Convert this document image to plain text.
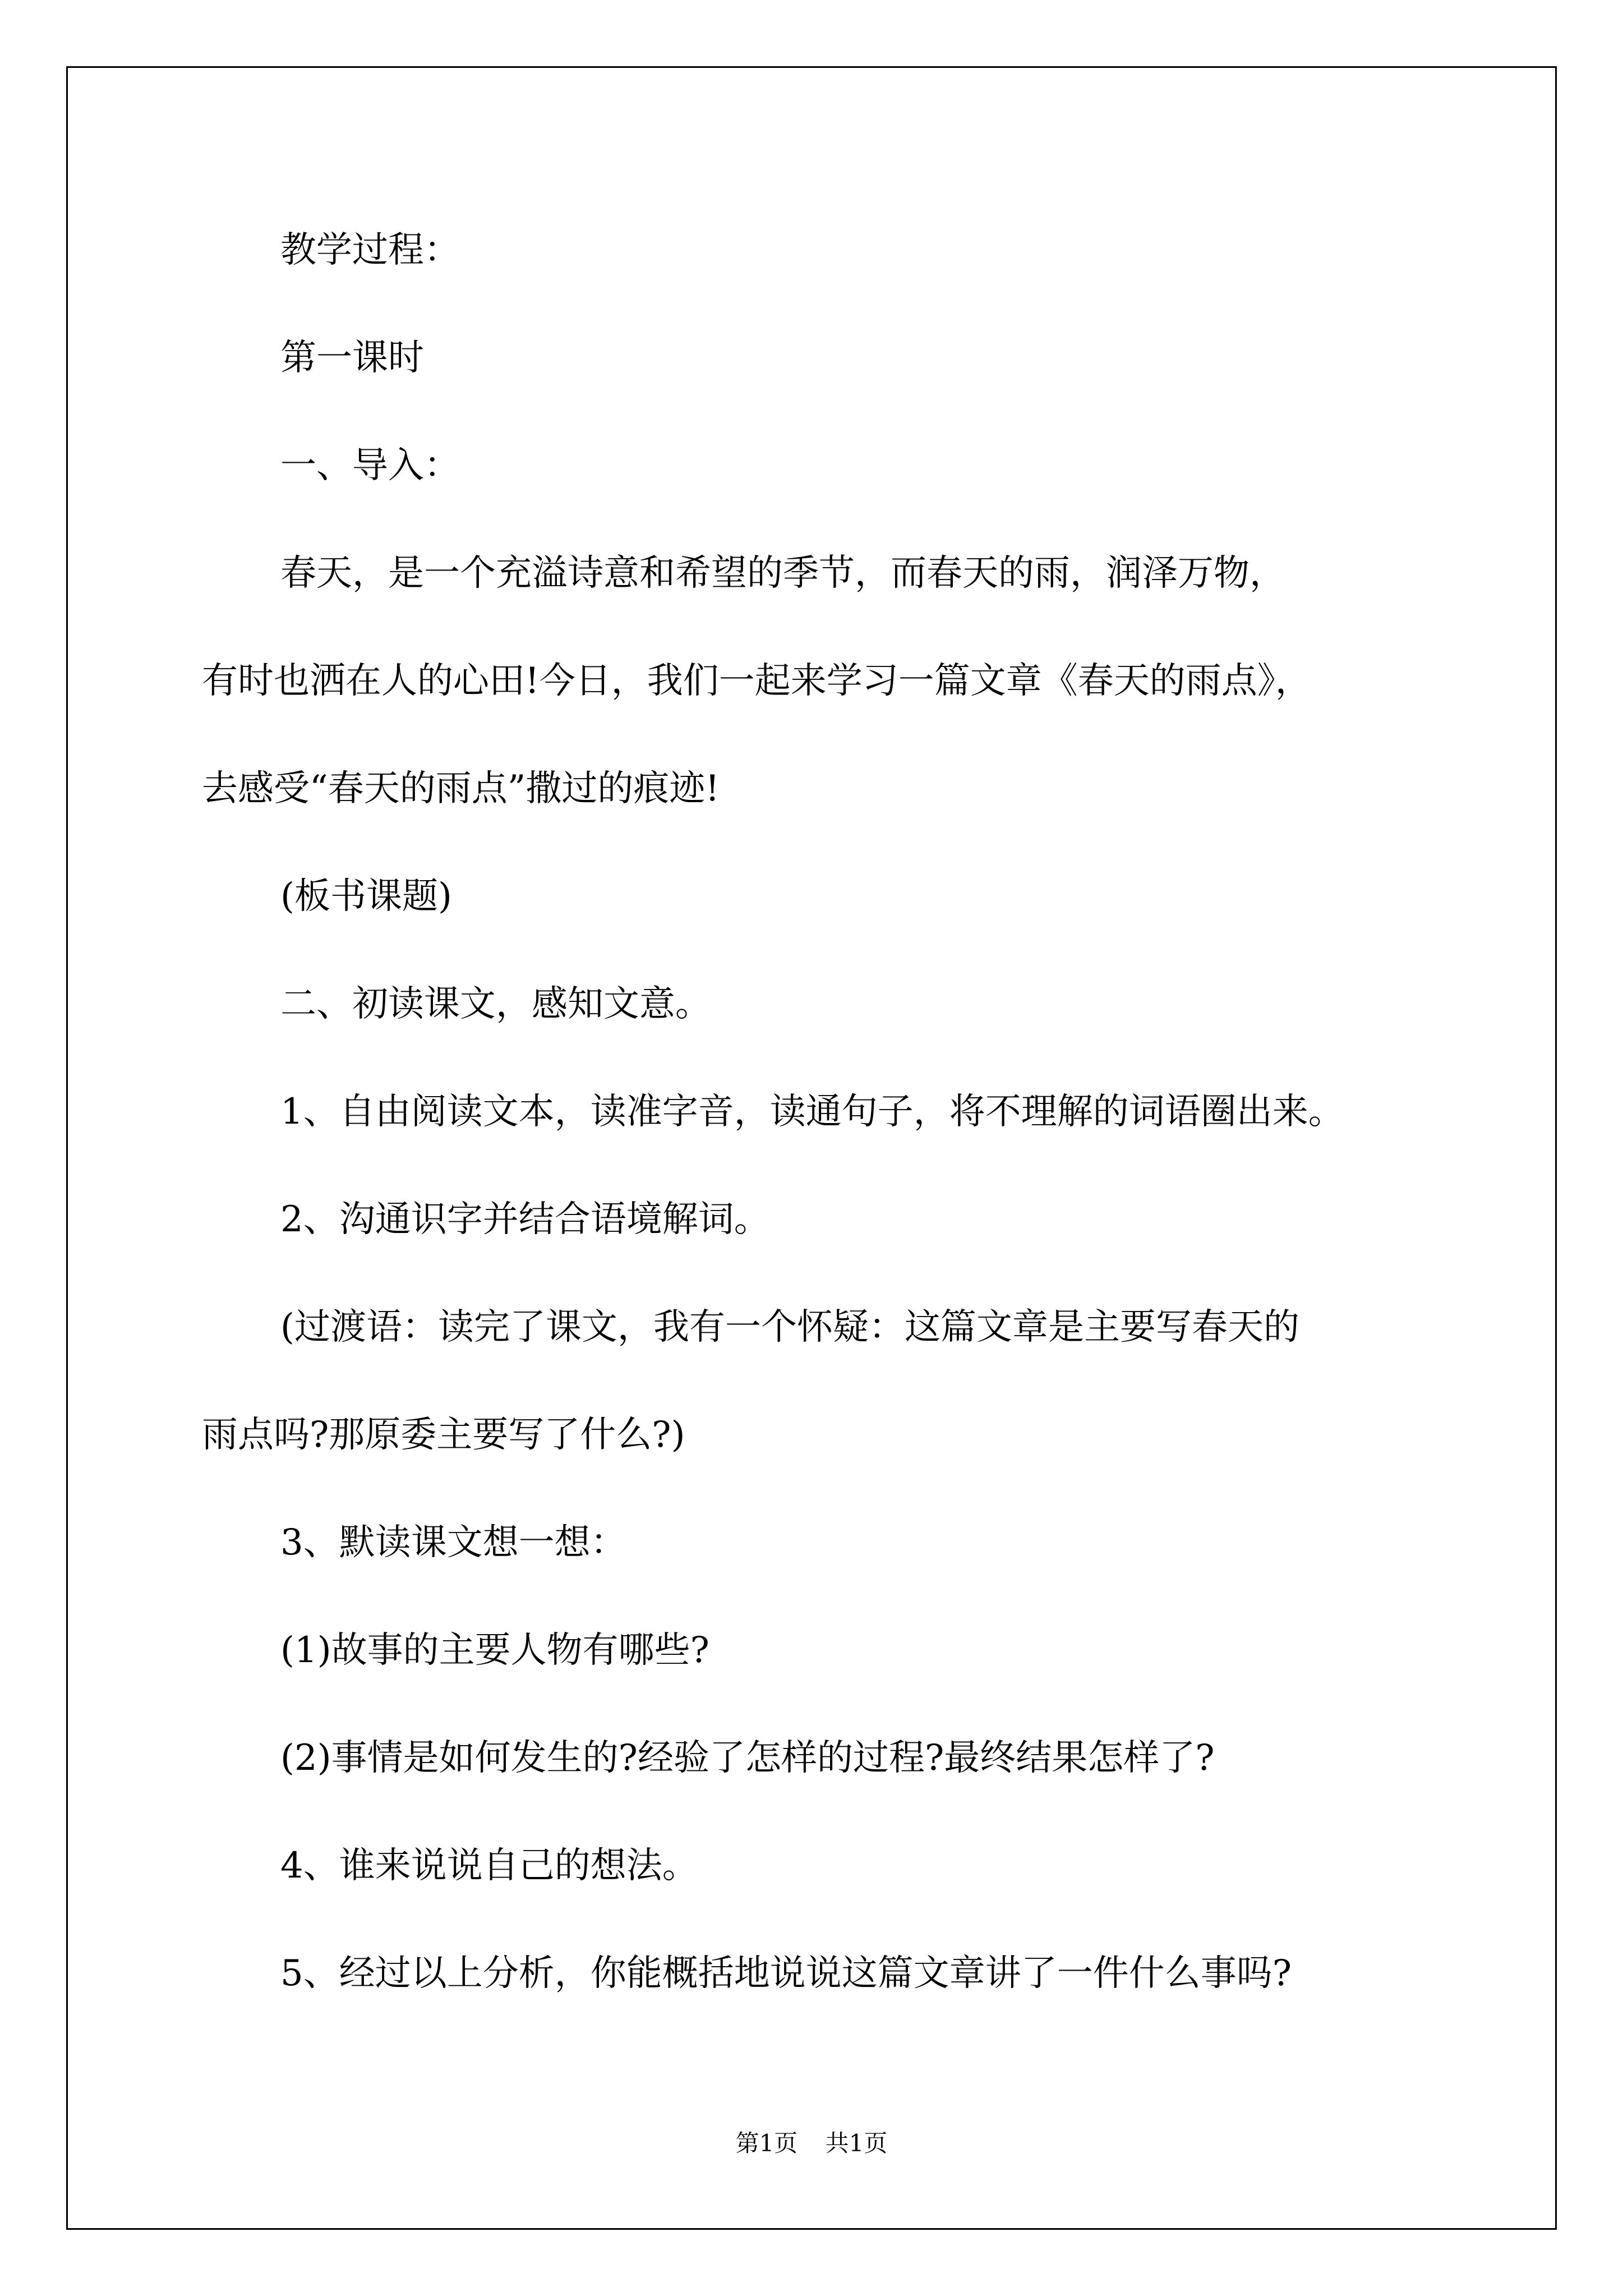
教学过程：
第一课时
一、导入：
春天，是一个充溢诗意和希望的季节，而春天的雨，润泽万物，
有时也洒在人的心田!今日，我们一起来学习一篇文章《春天的雨点》，
去感受“春天的雨点”撒过的痕迹!
(板书课题)
二、初读课文，感知文意。
1、自由阅读文本，读准字音，读通句子，将不理解的词语圈出来。
2、沟通识字并结合语境解词。
(过渡语：读完了课文，我有一个怀疑：这篇文章是主要写春天的
雨点吗?那原委主要写了什么?)
3、默读课文想一想：
(1)故事的主要人物有哪些?
(2)事情是如何发生的?经验了怎样的过程?最终结果怎样了?
4、谁来说说自己的想法。
5、经过以上分析，你能概括地说说这篇文章讲了一件什么事吗?
第1页 共1页
